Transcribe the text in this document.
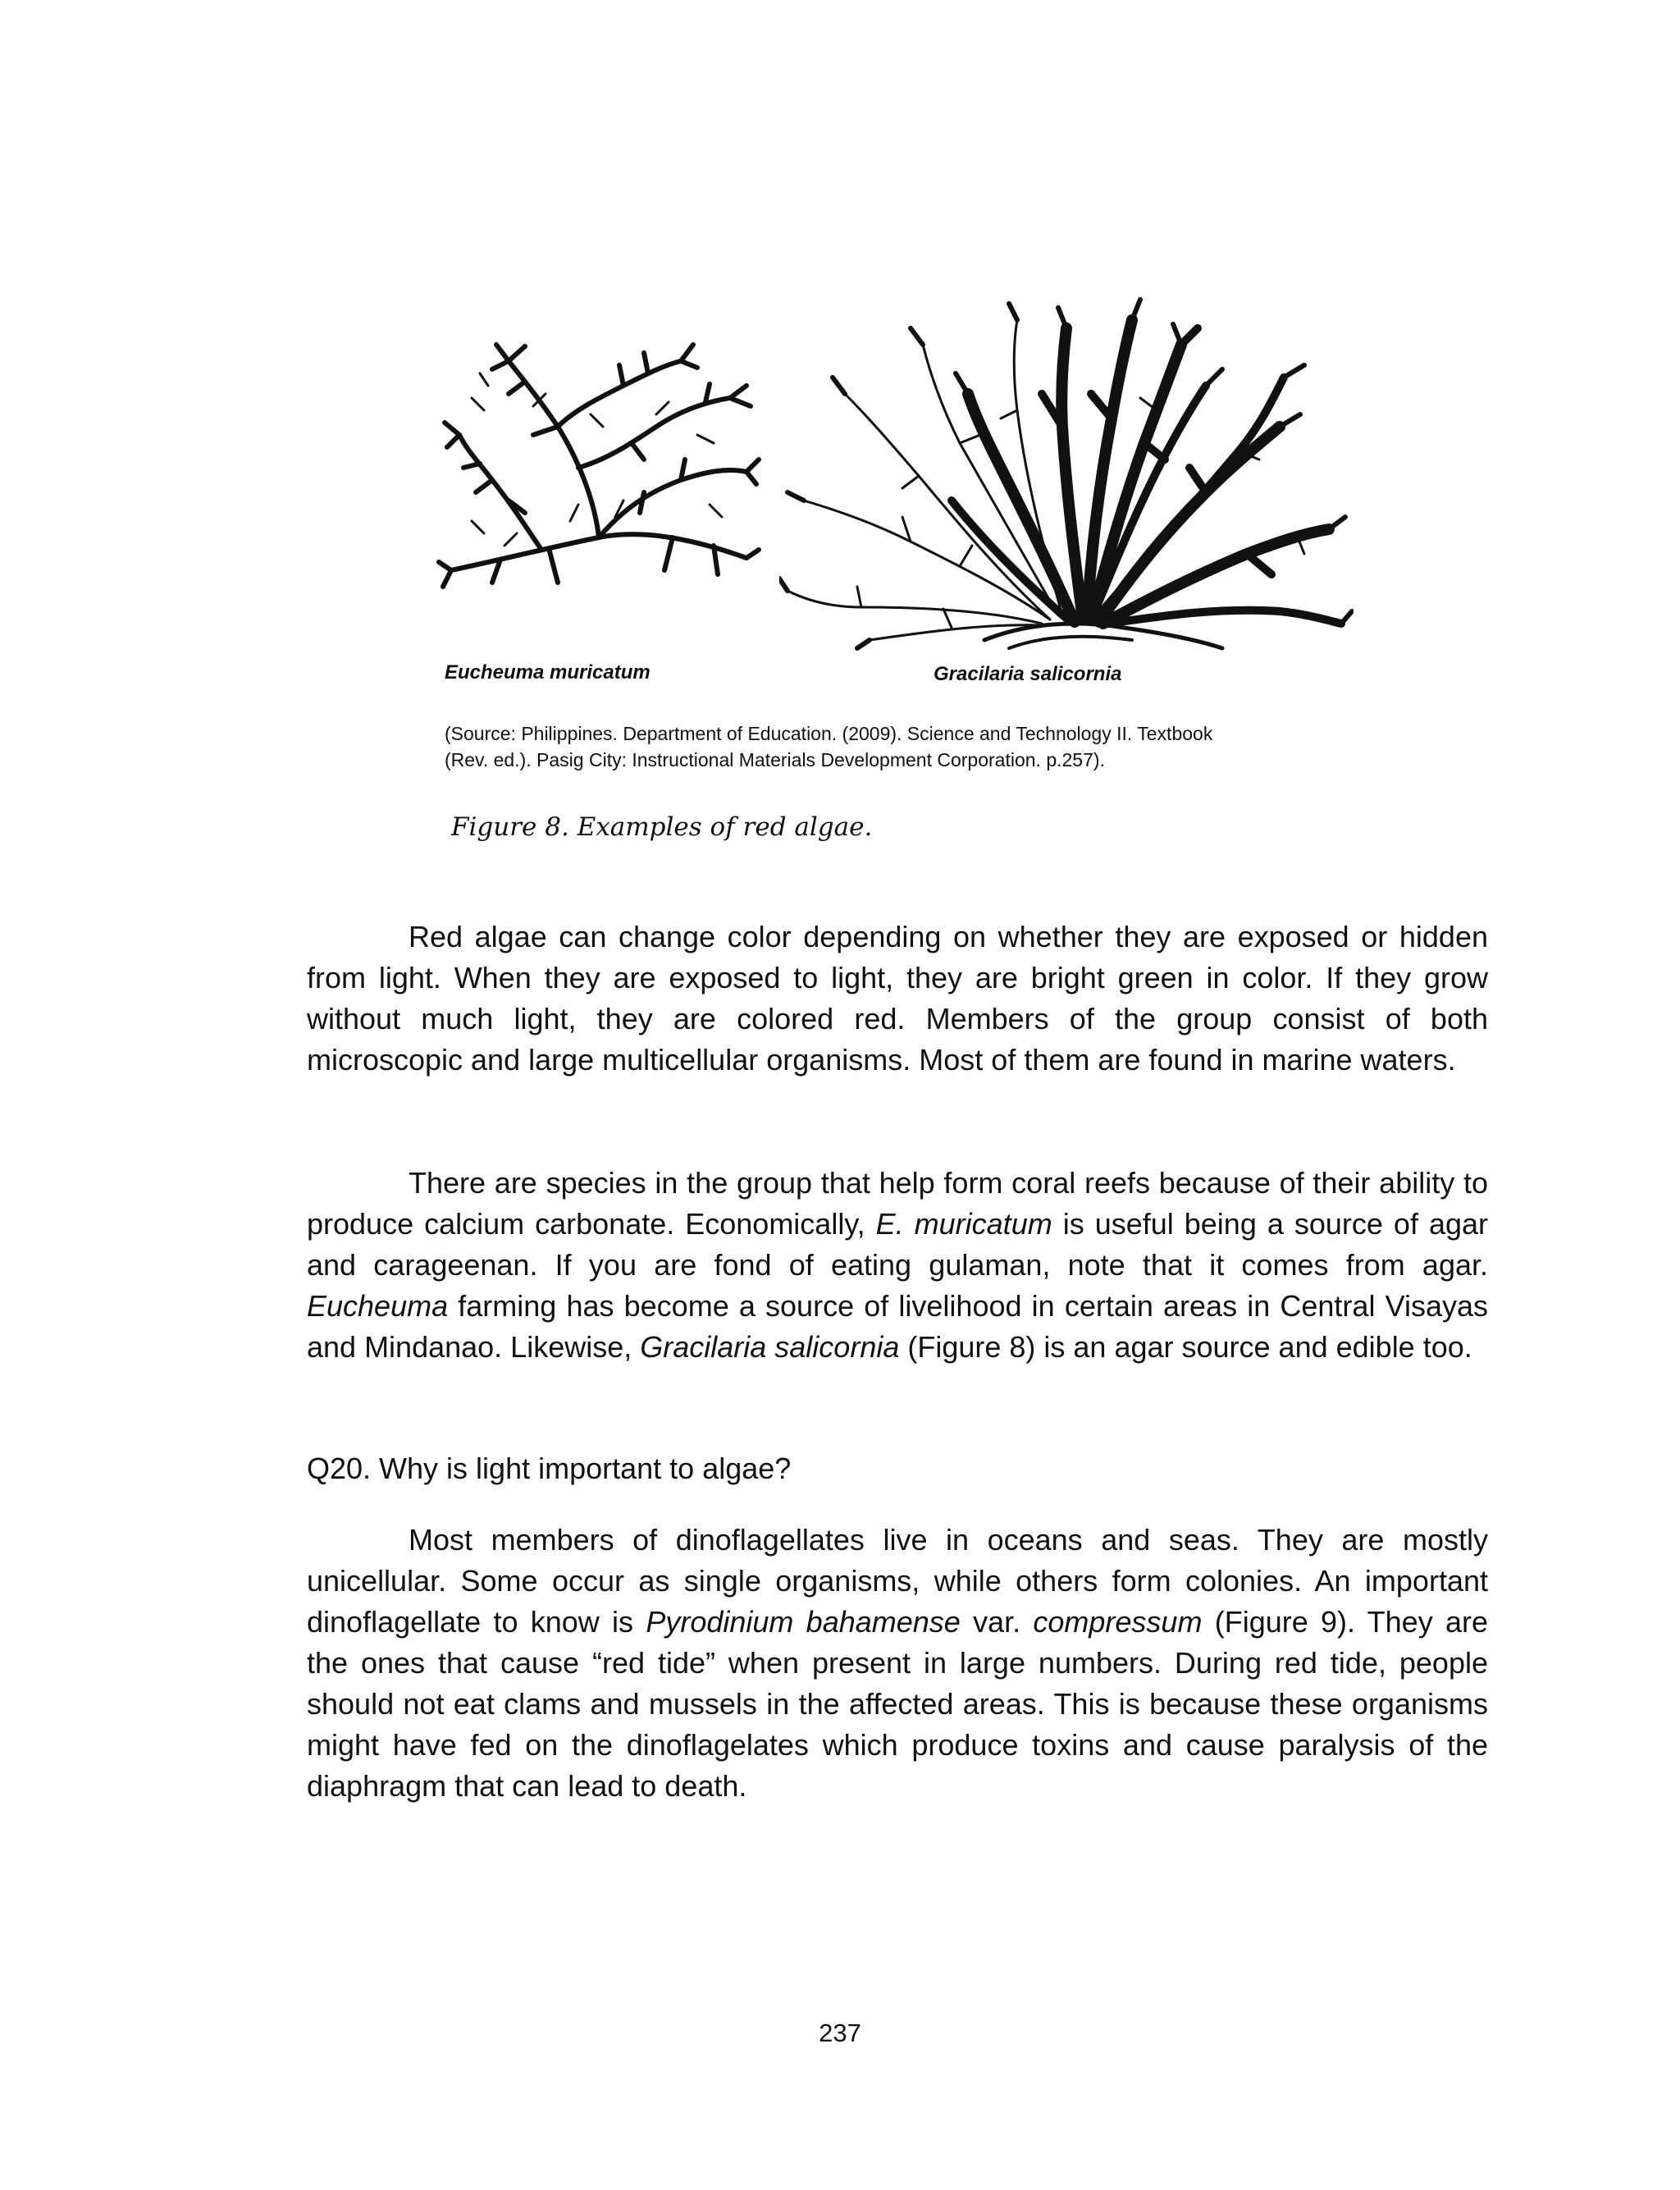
Eucheuma muricatum	Gracilaria salicornia
(Source: Philippines. Department of Education. (2009). Science and Technology II. Textbook
(Rev. ed.). Pasig City: Instructional Materials Development Corporation. p.257).
Figure 8. Examples of red algae.

Red algae can change color depending on whether they are exposed or hidden from light. When they are exposed to light, they are bright green in color. If they grow without much light, they are colored red. Members of the group consist of both microscopic and large multicellular organisms. Most of them are found in marine waters.

There are species in the group that help form coral reefs because of their ability to produce calcium carbonate. Economically, E. muricatum is useful being a source of agar and carageenan. If you are fond of eating gulaman, note that it comes from agar. Eucheuma farming has become a source of livelihood in certain areas in Central Visayas and Mindanao. Likewise, Gracilaria salicornia (Figure 8) is an agar source and edible too.

Q20. Why is light important to algae?

Most members of dinoflagellates live in oceans and seas. They are mostly unicellular. Some occur as single organisms, while others form colonies. An important dinoflagellate to know is Pyrodinium bahamense var. compressum (Figure 9). They are the ones that cause “red tide” when present in large numbers. During red tide, people should not eat clams and mussels in the affected areas. This is because these organisms might have fed on the dinoflagelates which produce toxins and cause paralysis of the diaphragm that can lead to death.

237
